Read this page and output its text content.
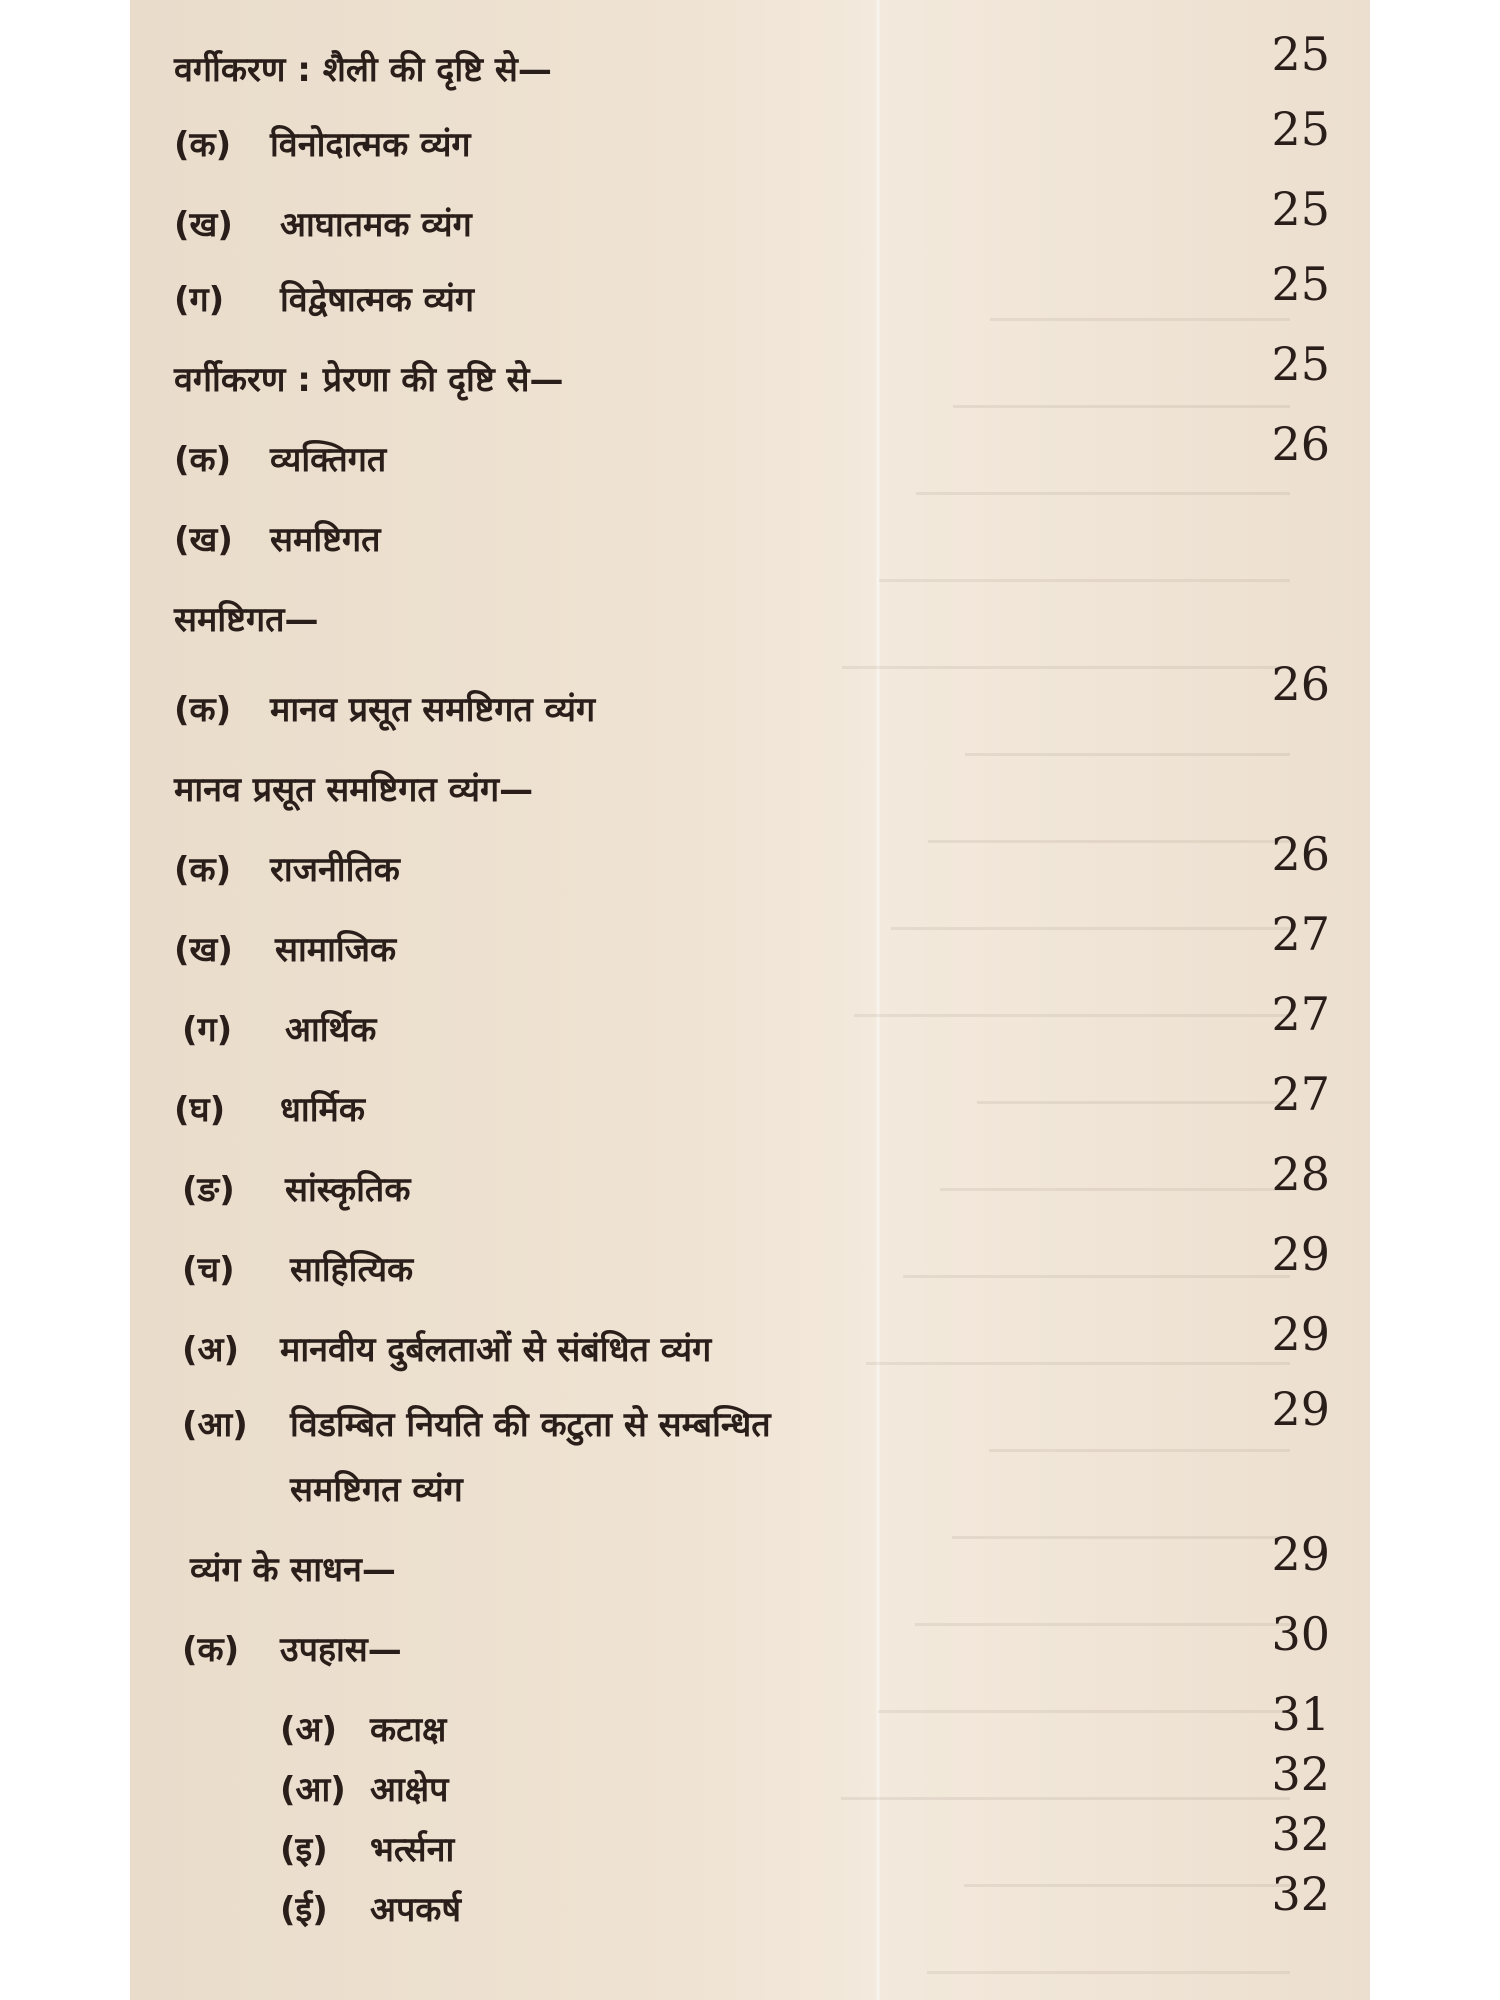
वर्गीकरण : शैली की दृष्टि से—	25
(क) विनोदात्मक व्यंग	25
(ख) आघातमक व्यंग	25
(ग) विद्वेषात्मक व्यंग	25
वर्गीकरण : प्रेरणा की दृष्टि से—	25
(क) व्यक्तिगत	26
(ख) समष्टिगत
समष्टिगत—
(क) मानव प्रसूत समष्टिगत व्यंग	26
मानव प्रसूत समष्टिगत व्यंग—
(क) राजनीतिक	26
(ख) सामाजिक	27
(ग) आर्थिक	27
(घ) धार्मिक	27
(ङ) सांस्कृतिक	28
(च) साहित्यिक	29
(अ) मानवीय दुर्बलताओं से संबंधित व्यंग	29
(आ) विडम्बित नियति की कटुता से सम्बन्धित	29
समष्टिगत व्यंग
व्यंग के साधन—	29
(क) उपहास—	30
(अ) कटाक्ष	31
(आ) आक्षेप	32
(इ) भर्त्सना	32
(ई) अपकर्ष	32
